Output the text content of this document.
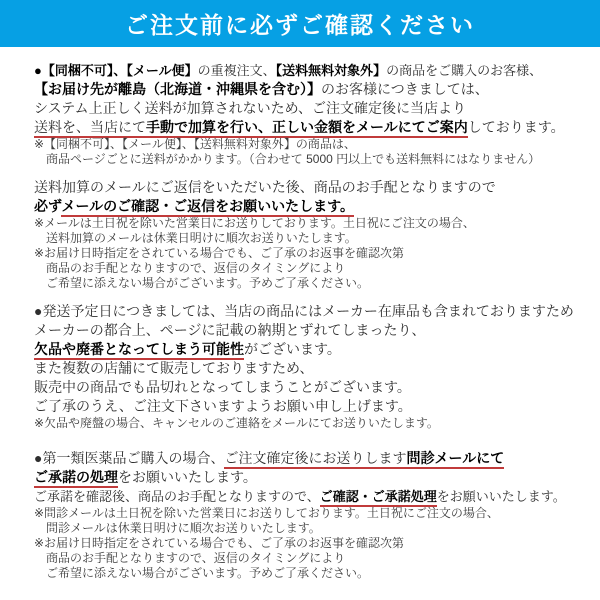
ご注文前に必ずご確認ください

●【同梱不可】、【メール便】の重複注文、【送料無料対象外】の商品をご購入のお客様、

【お届け先が離島（北海道・沖縄県を含む）】のお客様につきましては、

システム上正しく送料が加算されないため、ご注文確定後に当店より

送料を、当店にて手動で加算を行い、正しい金額をメールにてご案内しております。

※【同梱不可】、【メール便】、【送料無料対象外】の商品は、

商品ページごとに送料がかかります。（合わせて 5000 円以上でも送料無料にはなりません）

送料加算のメールにご返信をいただいた後、商品のお手配となりますので

必ずメールのご確認・ご返信をお願いいたします。

※メールは土日祝を除いた営業日にお送りしております。土日祝にご注文の場合、

送料加算のメールは休業日明けに順次お送りいたします。

※お届け日時指定をされている場合でも、ご了承のお返事を確認次第

商品のお手配となりますので、返信のタイミングにより

ご希望に添えない場合がございます。予めご了承ください。

●発送予定日につきましては、当店の商品にはメーカー在庫品も含まれておりますため

メーカーの都合上、ページに記載の納期とずれてしまったり、

欠品や廃番となってしまう可能性がございます。

また複数の店舗にて販売しておりますため、

販売中の商品でも品切れとなってしまうことがございます。

ご了承のうえ、ご注文下さいますようお願い申し上げます。

※欠品や廃盤の場合、キャンセルのご連絡をメールにてお送りいたします。

●第一類医薬品ご購入の場合、ご注文確定後にお送りします問診メールにて

ご承諾の処理をお願いいたします。

ご承諾を確認後、商品のお手配となりますので、ご確認・ご承諾処理をお願いいたします。

※問診メールは土日祝を除いた営業日にお送りしております。土日祝にご注文の場合、

問診メールは休業日明けに順次お送りいたします。

※お届け日時指定をされている場合でも、ご了承のお返事を確認次第

商品のお手配となりますので、返信のタイミングにより

ご希望に添えない場合がございます。予めご了承ください。
